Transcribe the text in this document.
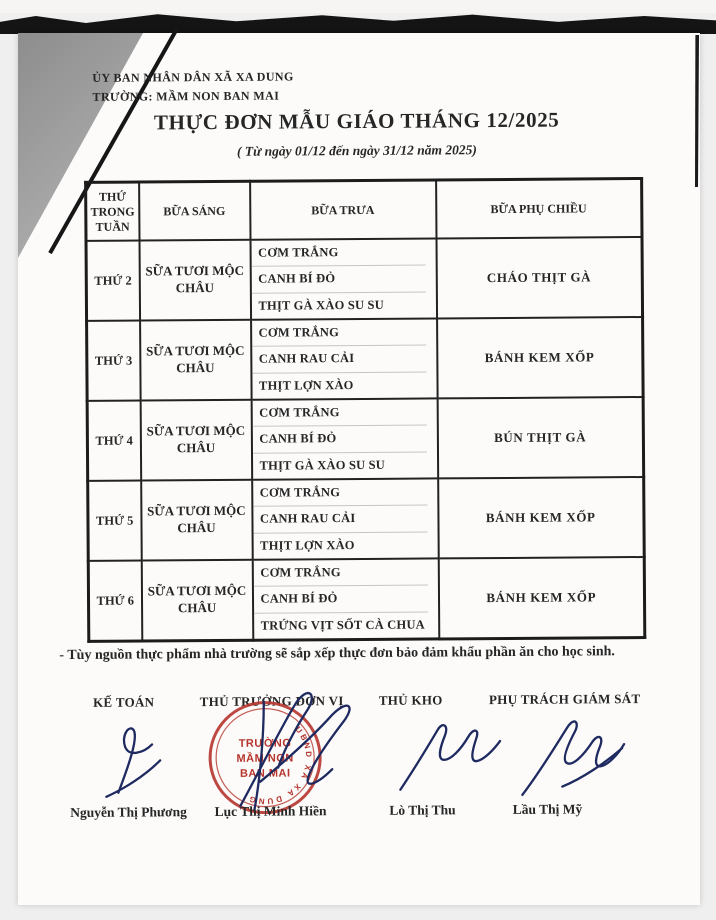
ỦY BAN NHÂN DÂN XÃ XA DUNG
TRƯỜNG: MẦM NON BAN MAI
THỰC ĐƠN MẪU GIÁO THÁNG 12/2025
( Từ ngày 01/12 đến ngày 31/12 năm 2025)
THỨ TRONG TUẦN	BỮA SÁNG	BỮA TRƯA	BỮA PHỤ CHIỀU
THỨ 2	SỮA TƯƠI MỘC CHÂU	CƠM TRẮNG
CANH BÍ ĐỎ
THỊT GÀ XÀO SU SU	CHÁO THỊT GÀ
THỨ 3	SỮA TƯƠI MỘC CHÂU	CƠM TRẮNG
CANH RAU CẢI
THỊT LỢN XÀO	BÁNH KEM XỐP
THỨ 4	SỮA TƯƠI MỘC CHÂU	CƠM TRẮNG
CANH BÍ ĐỎ
THỊT GÀ XÀO SU SU	BÚN THỊT GÀ
THỨ 5	SỮA TƯƠI MỘC CHÂU	CƠM TRẮNG
CANH RAU CẢI
THỊT LỢN XÀO	BÁNH KEM XỐP
THỨ 6	SỮA TƯƠI MỘC CHÂU	CƠM TRẮNG
CANH BÍ ĐỎ
TRỨNG VỊT SỐT CÀ CHUA	BÁNH KEM XỐP
- Tùy nguồn thực phẩm nhà trường sẽ sắp xếp thực đơn bảo đảm khẩu phần ăn cho học sinh.
KẾ TOÁN	THỦ TRƯỞNG ĐƠN VỊ	THỦ KHO	PHỤ TRÁCH GIÁM SÁT
UBND XÃ XA DUNG
TRƯỜNG
MẦM NON
BAN MAI
Nguyễn Thị Phương Lục Thị Minh Hiền	Lò Thị Thu	Lầu Thị Mỹ
